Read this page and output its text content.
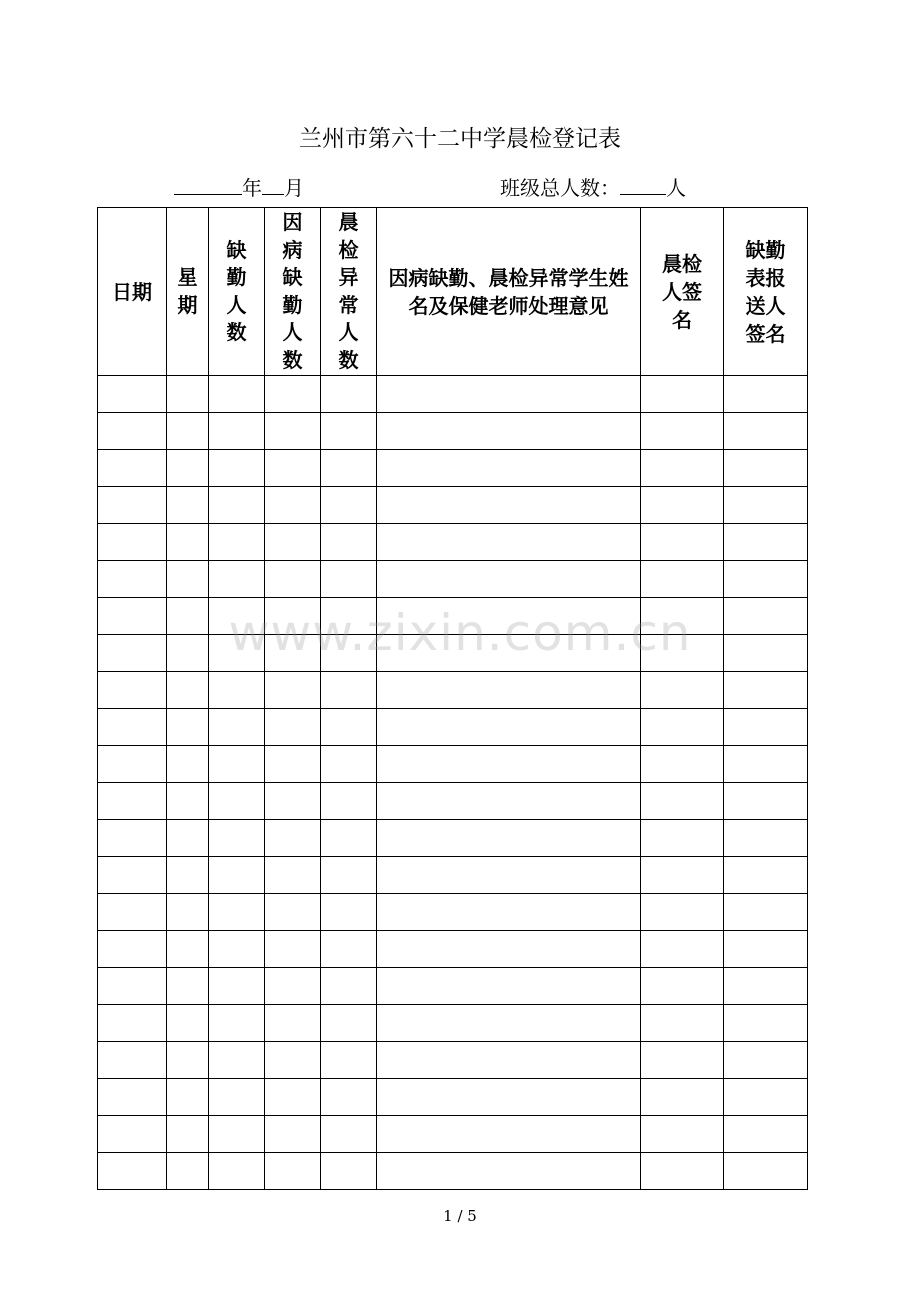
兰州市第六十二中学晨检登记表
年 月	班级总人数： 人
日期	星期	缺勤人数	因病缺勤人数	晨检异常人数	因病缺勤、晨检异常学生姓名及保健老师处理意见	晨检人签名	缺勤表报送人签名

www.zixin.com.cn
1 / 5
